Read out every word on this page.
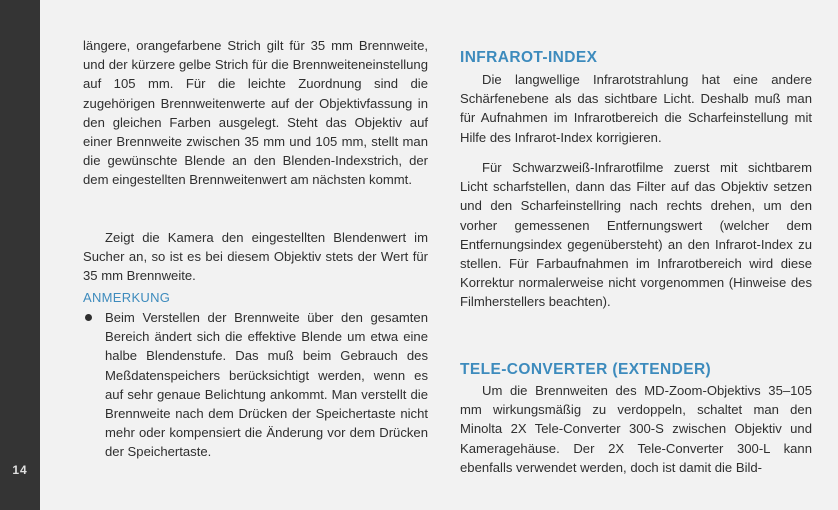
14

längere, orangefarbene Strich gilt für 35 mm Brennweite, und der kürzere gelbe Strich für die Brennweiteneinstellung auf 105 mm. Für die leichte Zuordnung sind die zugehörigen Brennweitenwerte auf der Objektivfassung in den gleichen Farben ausgelegt. Steht das Objektiv auf einer Brennweite zwischen 35 mm und 105 mm, stellt man die gewünschte Blende an den Blenden-Indexstrich, der dem eingestellten Brennweitenwert am nächsten kommt.

Zeigt die Kamera den eingestellten Blendenwert im Sucher an, so ist es bei diesem Objektiv stets der Wert für 35 mm Brennweite.

ANMERKUNG

Beim Verstellen der Brennweite über den gesamten Bereich ändert sich die effektive Blende um etwa eine halbe Blendenstufe. Das muß beim Gebrauch des Meßdatenspeichers berücksichtigt werden, wenn es auf sehr genaue Belichtung ankommt. Man verstellt die Brennweite nach dem Drücken der Speichertaste nicht mehr oder kompensiert die Änderung vor dem Drücken der Speichertaste.

INFRAROT-INDEX

Die langwellige Infrarotstrahlung hat eine andere Schärfenebene als das sichtbare Licht. Deshalb muß man für Aufnahmen im Infrarotbereich die Scharfeinstellung mit Hilfe des Infrarot-Index korrigieren.

Für Schwarzweiß-Infrarotfilme zuerst mit sichtbarem Licht scharfstellen, dann das Filter auf das Objektiv setzen und den Scharfeinstellring nach rechts drehen, um den vorher gemessenen Entfernungswert (welcher dem Entfernungsindex gegenübersteht) an den Infrarot-Index zu stellen. Für Farbaufnahmen im Infrarotbereich wird diese Korrektur normalerweise nicht vorgenommen (Hinweise des Filmherstellers beachten).

TELE-CONVERTER (EXTENDER)

Um die Brennweiten des MD-Zoom-Objektivs 35–105 mm wirkungsmäßig zu verdoppeln, schaltet man den Minolta 2X Tele-Converter 300-S zwischen Objektiv und Kameragehäuse. Der 2X Tele-Converter 300-L kann ebenfalls verwendet werden, doch ist damit die Bild-
